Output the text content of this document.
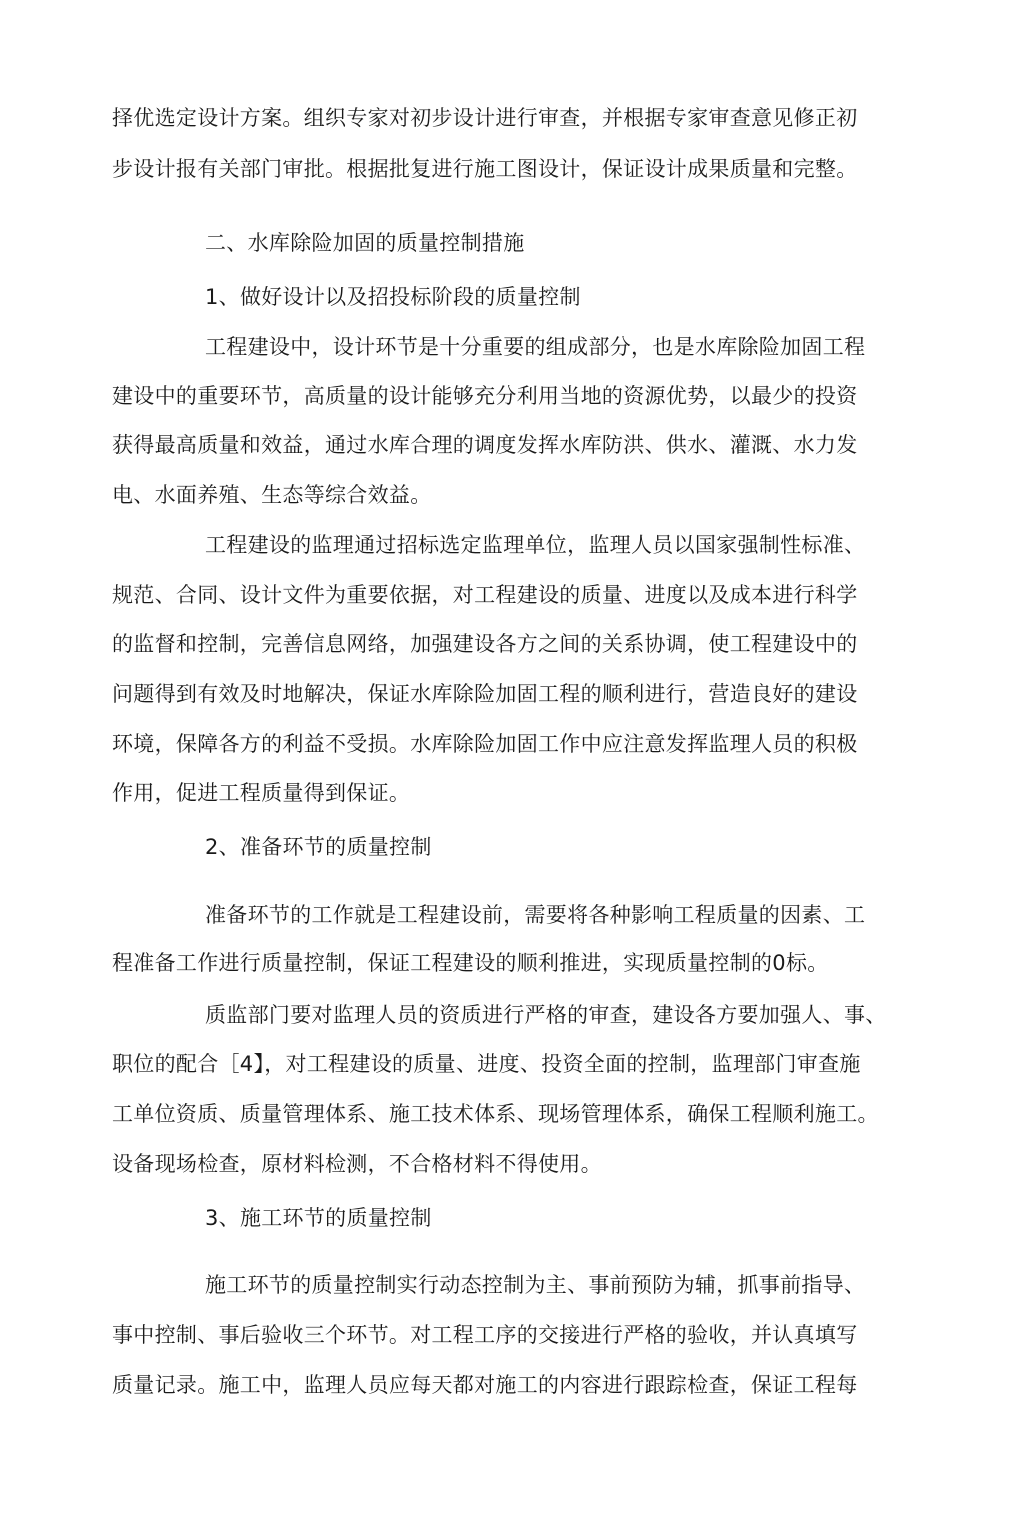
择优选定设计方案。组织专家对初步设计进行审查，并根据专家审查意见修正初
步设计报有关部门审批。根据批复进行施工图设计，保证设计成果质量和完整。
二、水库除险加固的质量控制措施
1、做好设计以及招投标阶段的质量控制
工程建设中，设计环节是十分重要的组成部分，也是水库除险加固工程
建设中的重要环节，高质量的设计能够充分利用当地的资源优势，以最少的投资
获得最高质量和效益，通过水库合理的调度发挥水库防洪、供水、灌溉、水力发
电、水面养殖、生态等综合效益。
工程建设的监理通过招标选定监理单位，监理人员以国家强制性标准、
规范、合同、设计文件为重要依据，对工程建设的质量、进度以及成本进行科学
的监督和控制，完善信息网络，加强建设各方之间的关系协调，使工程建设中的
问题得到有效及时地解决，保证水库除险加固工程的顺利进行，营造良好的建设
环境，保障各方的利益不受损。水库除险加固工作中应注意发挥监理人员的积极
作用，促进工程质量得到保证。
2、准备环节的质量控制
准备环节的工作就是工程建设前，需要将各种影响工程质量的因素、工
程准备工作进行质量控制，保证工程建设的顺利推进，实现质量控制的0标。
质监部门要对监理人员的资质进行严格的审查，建设各方要加强人、事、
职位的配合［4】，对工程建设的质量、进度、投资全面的控制，监理部门审查施
工单位资质、质量管理体系、施工技术体系、现场管理体系，确保工程顺利施工。
设备现场检查，原材料检测，不合格材料不得使用。
3、施工环节的质量控制
施工环节的质量控制实行动态控制为主、事前预防为辅，抓事前指导、
事中控制、事后验收三个环节。对工程工序的交接进行严格的验收，并认真填写
质量记录。施工中，监理人员应每天都对施工的内容进行跟踪检查，保证工程每
